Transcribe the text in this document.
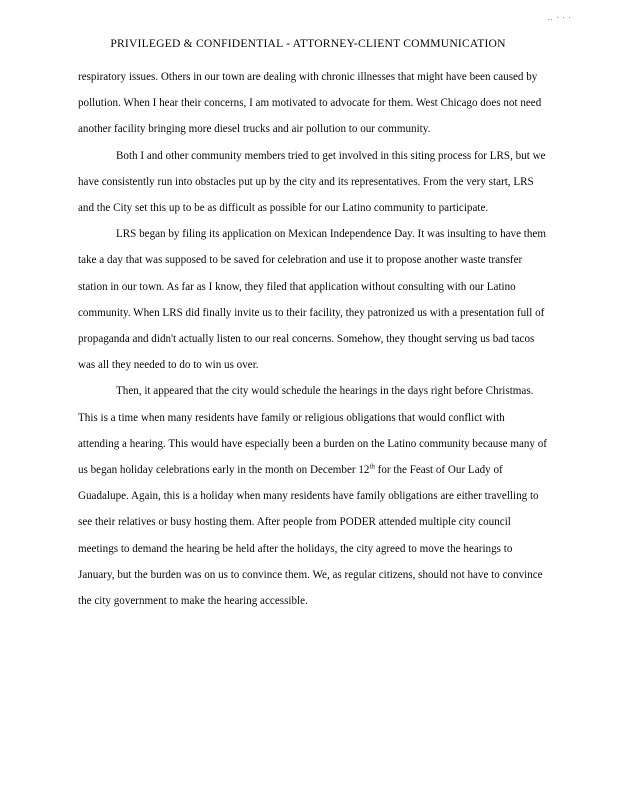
.. · · ·
PRIVILEGED & CONFIDENTIAL - ATTORNEY-CLIENT COMMUNICATION

respiratory issues. Others in our town are dealing with chronic illnesses that might have been caused by pollution. When I hear their concerns, I am motivated to advocate for them. West Chicago does not need another facility bringing more diesel trucks and air pollution to our community.

Both I and other community members tried to get involved in this siting process for LRS, but we have consistently run into obstacles put up by the city and its representatives. From the very start, LRS and the City set this up to be as difficult as possible for our Latino community to participate.

LRS began by filing its application on Mexican Independence Day. It was insulting to have them take a day that was supposed to be saved for celebration and use it to propose another waste transfer station in our town. As far as I know, they filed that application without consulting with our Latino community. When LRS did finally invite us to their facility, they patronized us with a presentation full of propaganda and didn't actually listen to our real concerns. Somehow, they thought serving us bad tacos was all they needed to do to win us over.

Then, it appeared that the city would schedule the hearings in the days right before Christmas. This is a time when many residents have family or religious obligations that would conflict with attending a hearing. This would have especially been a burden on the Latino community because many of us began holiday celebrations early in the month on December 12th for the Feast of Our Lady of Guadalupe. Again, this is a holiday when many residents have family obligations are either travelling to see their relatives or busy hosting them. After people from PODER attended multiple city council meetings to demand the hearing be held after the holidays, the city agreed to move the hearings to January, but the burden was on us to convince them. We, as regular citizens, should not have to convince the city government to make the hearing accessible.
